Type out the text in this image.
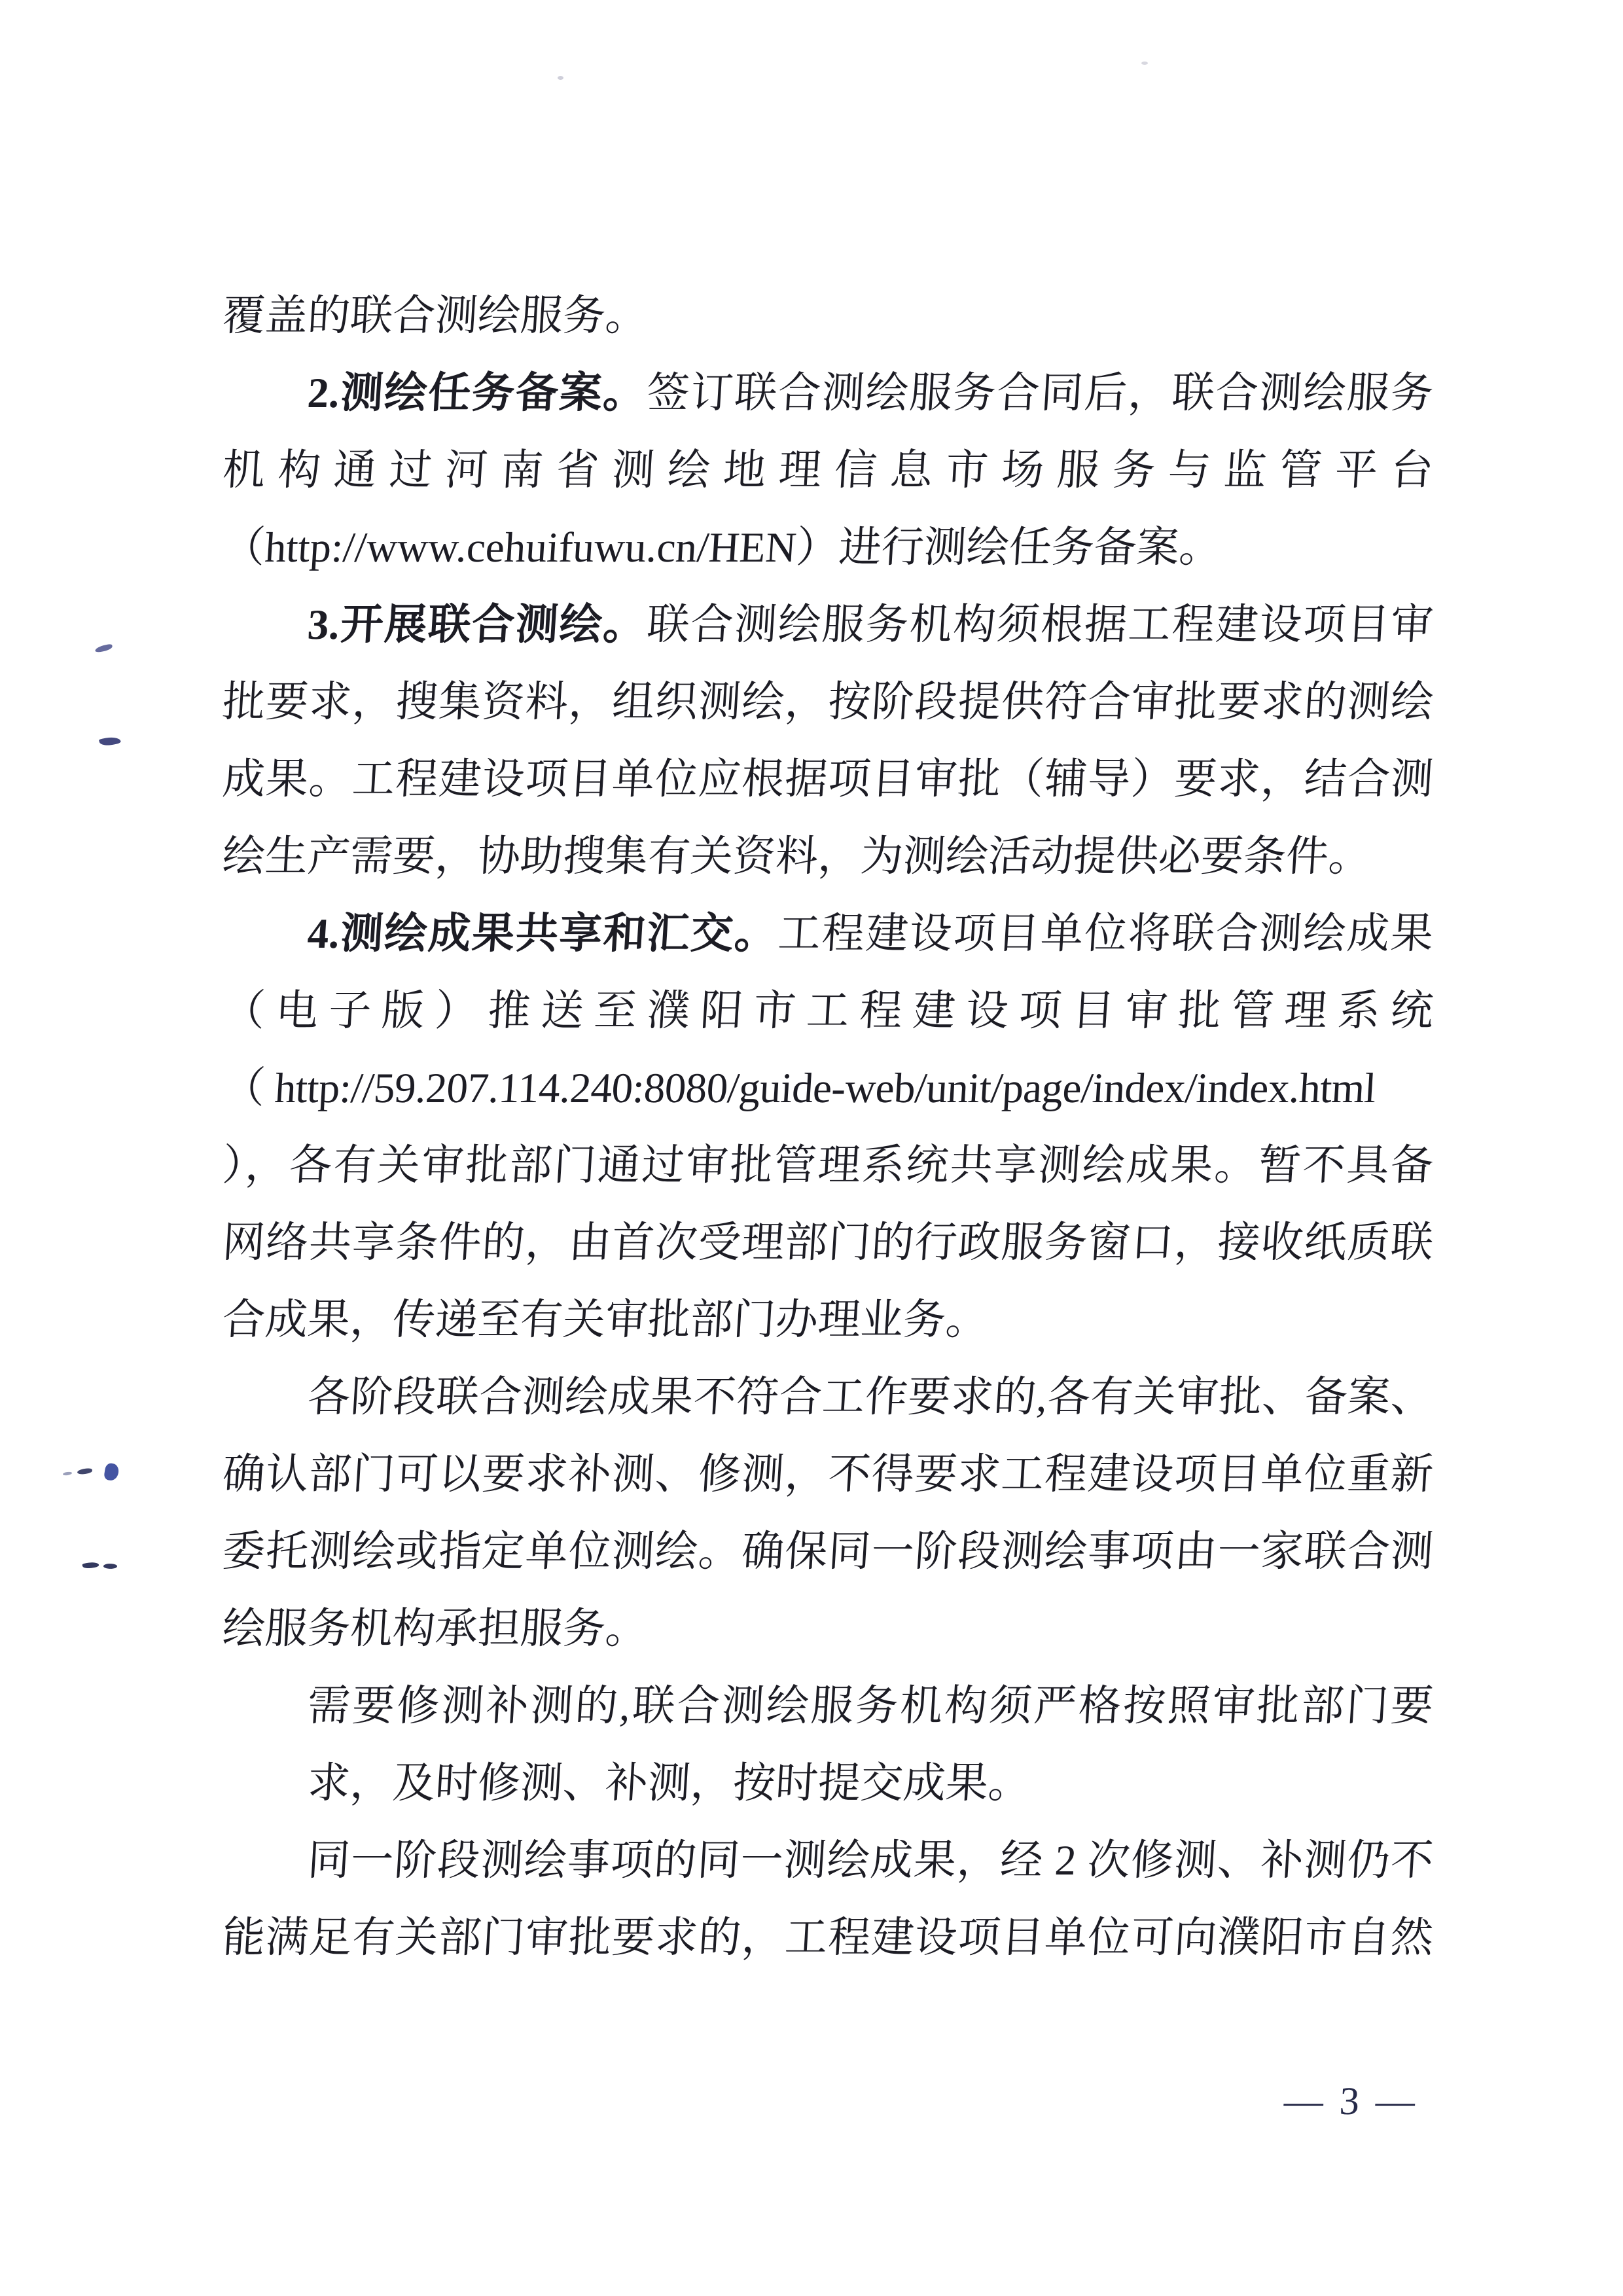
覆盖的联合测绘服务。
2.测绘任务备案。签订联合测绘服务合同后，联合测绘服务
机构通过河南省测绘地理信息市场服务与监管平台
（http://www.cehuifuwu.cn/HEN）进行测绘任务备案。
3.开展联合测绘。联合测绘服务机构须根据工程建设项目审
批要求，搜集资料，组织测绘，按阶段提供符合审批要求的测绘
成果。工程建设项目单位应根据项目审批（辅导）要求，结合测
绘生产需要，协助搜集有关资料，为测绘活动提供必要条件。
4.测绘成果共享和汇交。工程建设项目单位将联合测绘成果
（电子版）推送至濮阳市工程建设项目审批管理系统
（ http://59.207.114.240:8080/guide-web/unit/page/index/index.html
），各有关审批部门通过审批管理系统共享测绘成果。暂不具备
网络共享条件的，由首次受理部门的行政服务窗口，接收纸质联
合成果，传递至有关审批部门办理业务。
各阶段联合测绘成果不符合工作要求的,各有关审批、备案、
确认部门可以要求补测、修测，不得要求工程建设项目单位重新
委托测绘或指定单位测绘。确保同一阶段测绘事项由一家联合测
绘服务机构承担服务。
需要修测补测的,联合测绘服务机构须严格按照审批部门要
求，及时修测、补测，按时提交成果。
同一阶段测绘事项的同一测绘成果，经 2 次修测、补测仍不
能满足有关部门审批要求的，工程建设项目单位可向濮阳市自然
— 3 —
